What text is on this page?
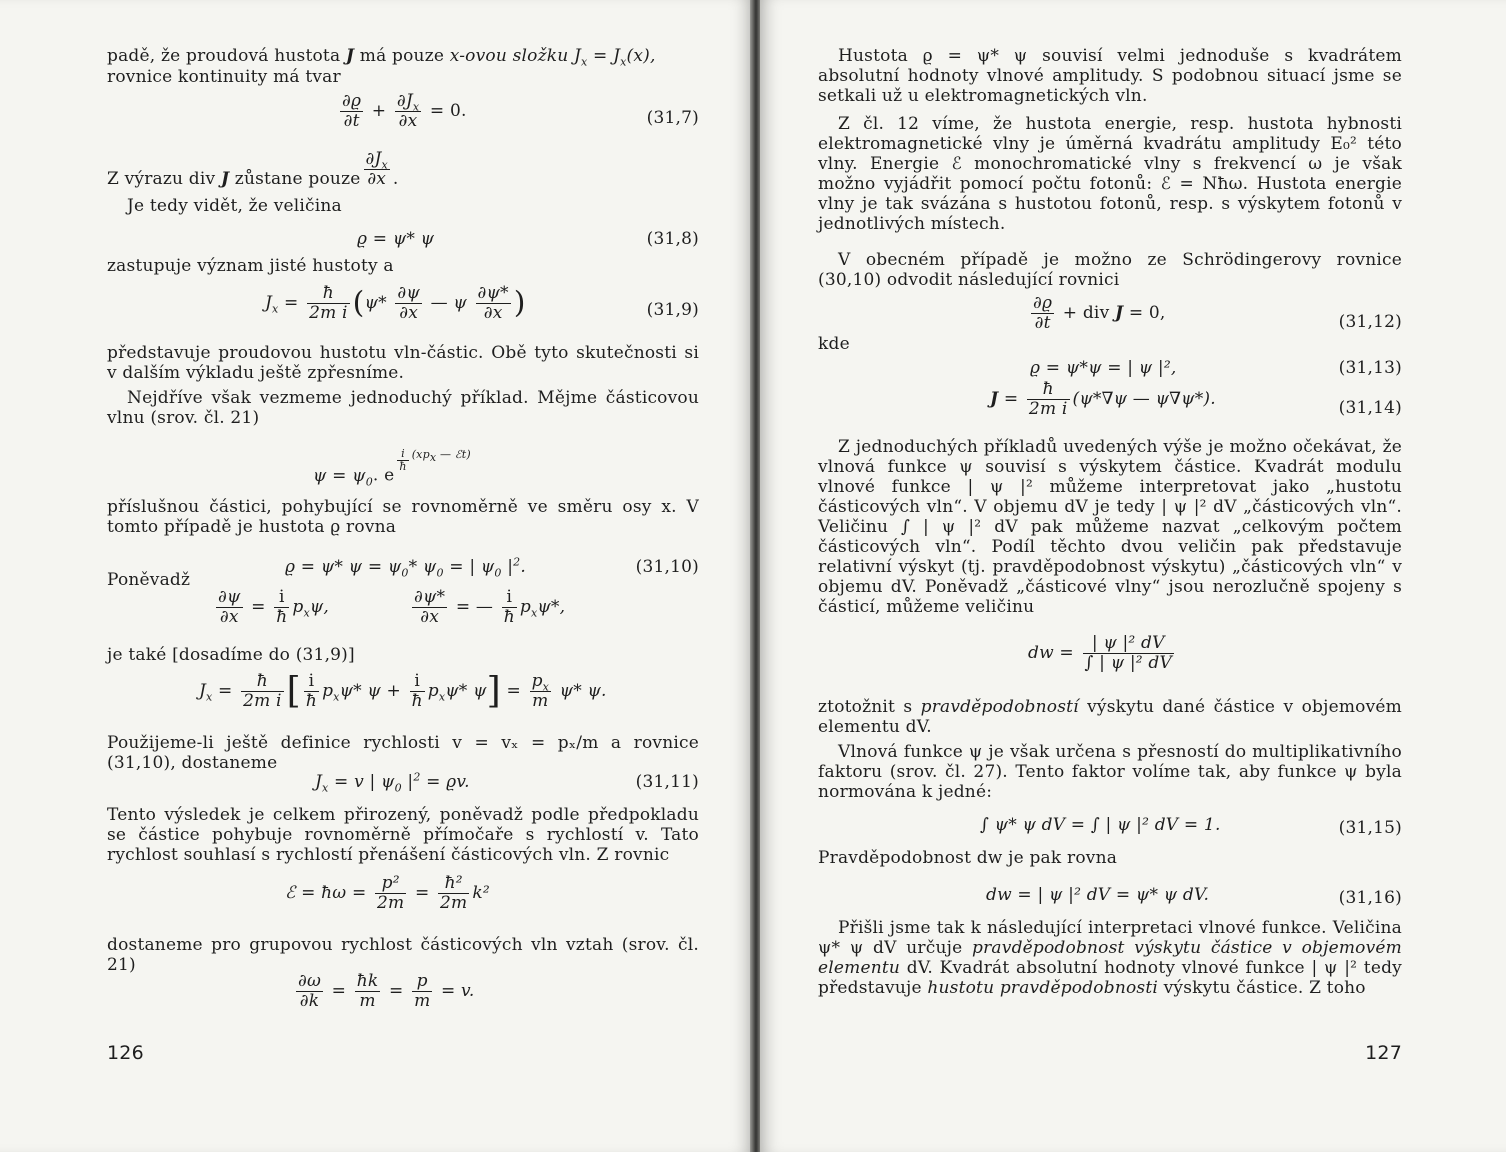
padě, že proudová hustota J má pouze x-ovou složku $J_x = J_x(x)$,
rovnice kontinuity má tvar
$\frac{\partial ϱ}{\partial t} + \frac{\partial J_x}{\partial x} = 0$.	(31,7)
Z výrazu div J zůstane pouze $\frac{\partial J_x}{\partial x}$ .
Je tedy vidět, že veličina
ϱ = ψ* ψ	(31,8)
zastupuje význam jisté hustoty a
$J_x = \frac{ħ}{\text{2m i}} (\psi* \frac{\partial\psi}{\partial x}$ — ψ $\frac{\partial\psi*}{\partial x}$ )	(31,9)
představuje proudovou hustotu vln-částic. Obě tyto skutečnosti si v dalším výkladu ještě zpřesníme.
Nejdříve však vezmeme jednoduchý příklad. Mějme částicovou vlnu (srov. čl. 21)
$\psi = \psi_0$. e
$\frac{i}{ħ} (xp_x$ — ℰt)
příslušnou částici, pohybující se rovnoměrně ve směru osy x. V tomto případě je hustota ϱ rovna
ϱ = ψ* $\psi = \psi_0*$ $\psi_0$ = | $\psi_0$ $|^2$.	(31,10)
Poněvadž
$\frac{\partial\psi}{\partial x} = \frac{i}{ħ} p_x\psi$,	$\frac{\partial\psi*}{\partial x}$ = — $\frac{i}{ħ} p_x\psi*$,
je také [dosadíme do (31,9)]
$J_x = \frac{ħ}{\text{2m i}}$ [ $\frac{i}{ħ} p_x\psi*$ $\psi + \frac{i}{ħ} p_x\psi*$ $\psi] = \frac{p_x}{m} \psi*$ ψ.
Použijeme-li ještě definice rychlosti v = vₓ = pₓ/m a rovnice (31,10), dostaneme
$J_x = v$ | $\psi_0$ $|^2 = ϱv$.	(31,11)
Tento výsledek je celkem přirozený, poněvadž podle předpokladu se částice pohybuje rovnoměrně přímočaře s rychlostí v. Tato rychlost souhlasí s rychlostí přenášení částicových vln. Z rovnic
ℰ = ħω = $\frac{\text{p²}}{2m} = \frac{\text{ħ²}}{2m} k^2$
dostaneme pro grupovou rychlost částicových vln vztah (srov. čl. 21)
$\frac{\partial\omega}{\partial k} = \frac{ħk}{m} = \frac{p}{m} = v$.
126
Hustota ϱ = ψ* ψ souvisí velmi jednoduše s kvadrátem absolutní hodnoty vlnové amplitudy. S podobnou situací jsme se setkali už u elektromagnetických vln.
Z čl. 12 víme, že hustota energie, resp. hustota hybnosti elektromagnetické vlny je úměrná kvadrátu amplitudy E₀² této vlny. Energie ℰ monochromatické vlny s frekvencí ω je však možno vyjádřit pomocí počtu fotonů: ℰ = Nħω. Hustota energie vlny je tak svázána s hustotou fotonů, resp. s výskytem fotonů v jednotlivých místech.
V obecném případě je možno ze Schrödingerovy rovnice (30,10) odvodit následující rovnici
$\frac{\partial ϱ}{\partial t}$ + div J = 0,	(31,12)
kde
ϱ = ψ*ψ = | ψ |²,	(31,13)
$J = \frac{ħ}{\text{2m i}} (\psi*\nabla\psi$ — ψ∇ψ*).	(31,14)
Z jednoduchých příkladů uvedených výše je možno očekávat, že vlnová funkce ψ souvisí s výskytem částice. Kvadrát modulu vlnové funkce | ψ |² můžeme interpretovat jako „hustotu částicových vln“. V objemu dV je tedy | ψ |² dV „částicových vln“. Veličinu ∫ | ψ |² dV pak můžeme nazvat „celkovým počtem částicových vln“. Podíl těchto dvou veličin pak představuje relativní výskyt (tj. pravděpodobnost výskytu) „částicových vln“ v objemu dV. Poněvadž „částicové vlny“ jsou nerozlučně spojeny s částicí, můžeme veličinu
dw = $\frac{\text{| ψ |² dV}}{\text{∫ | ψ |² dV}}$
ztotožnit s pravděpodobností výskytu dané částice v objemovém elementu dV.
Vlnová funkce ψ je však určena s přesností do multiplikativního faktoru (srov. čl. 27). Tento faktor volíme tak, aby funkce ψ byla normována k jedné:
∫ ψ* ψ dV = ∫ | ψ |² dV = 1.	(31,15)
Pravděpodobnost dw je pak rovna
dw = | ψ |² dV = ψ* ψ dV.	(31,16)
Přišli jsme tak k následující interpretaci vlnové funkce. Veličina ψ* ψ dV určuje pravděpodobnost výskytu částice v objemovém elementu dV. Kvadrát absolutní hodnoty vlnové funkce | ψ |² tedy představuje hustotu pravděpodobnosti výskytu částice. Z toho
127
